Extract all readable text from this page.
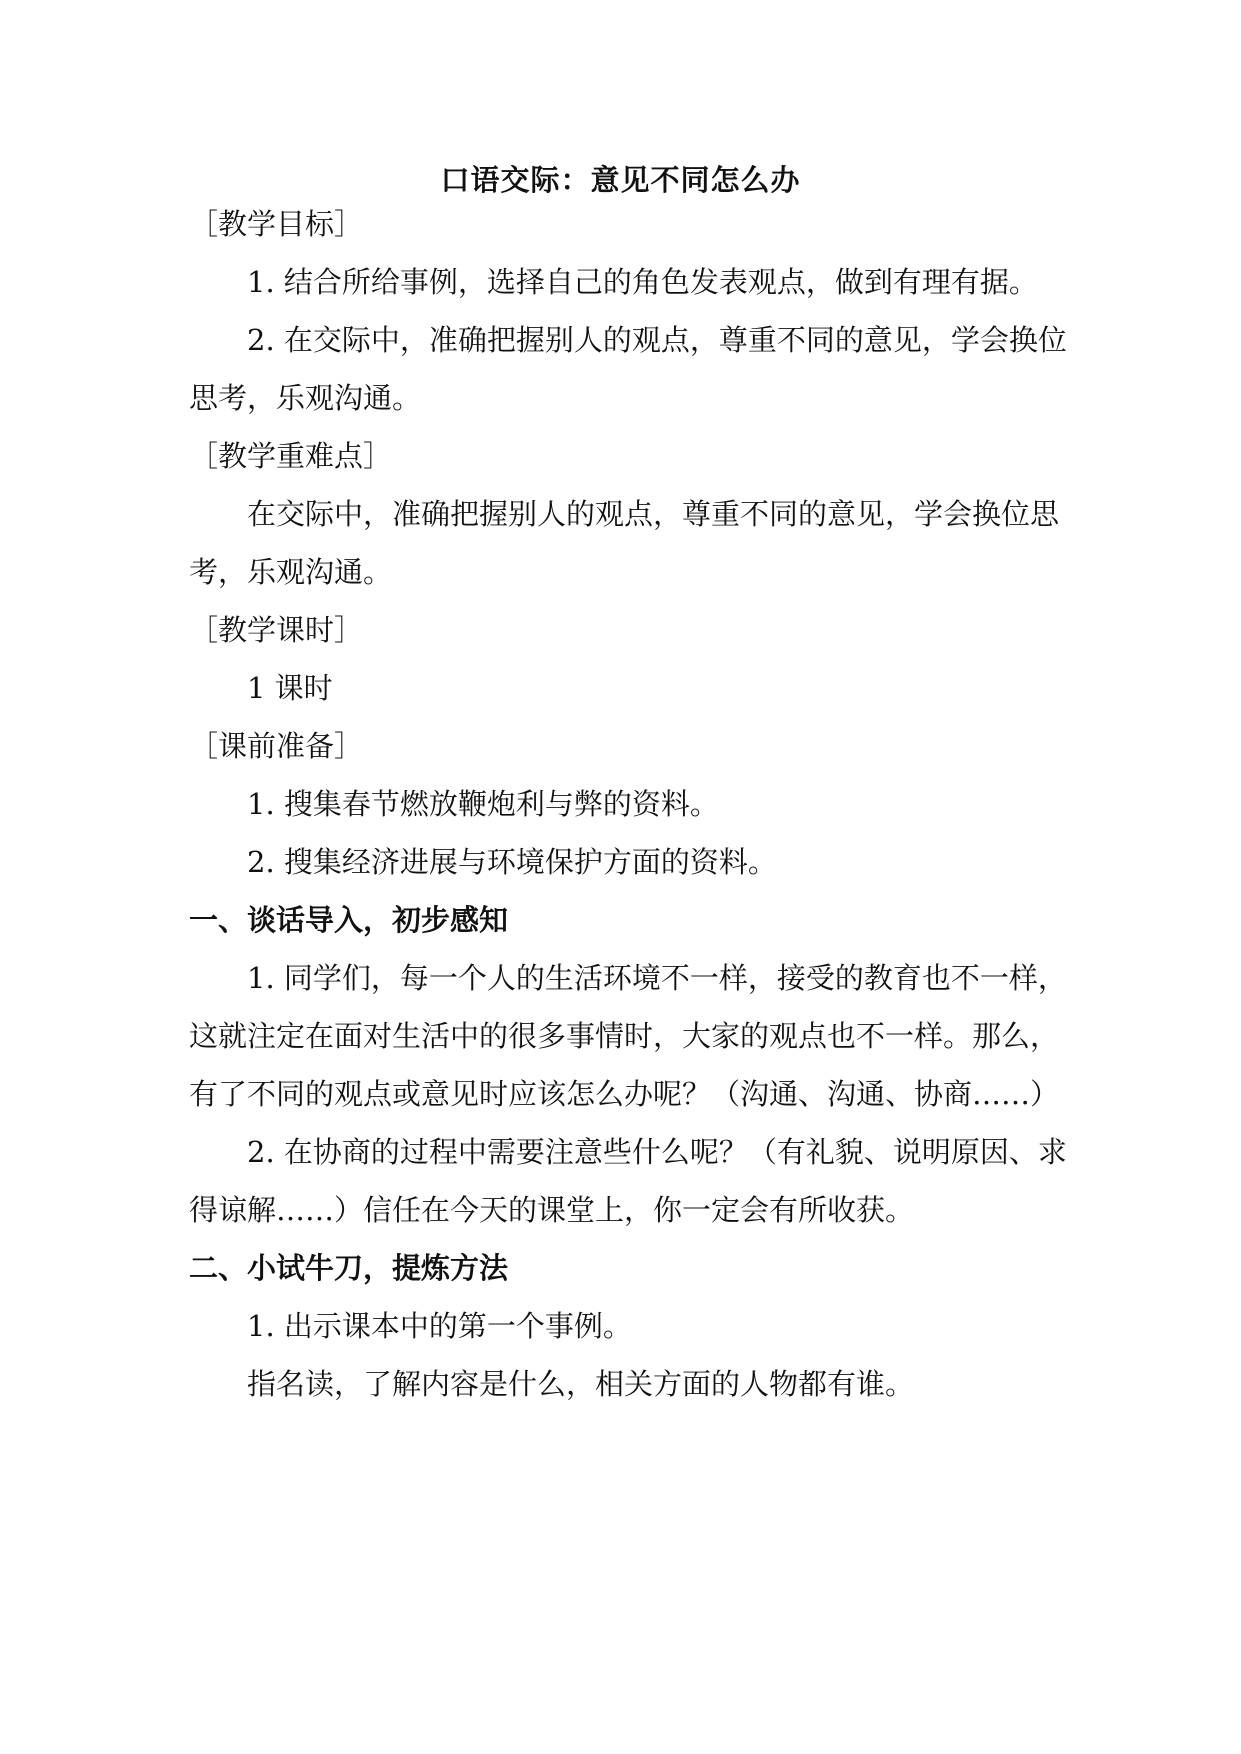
口语交际：意见不同怎么办
［教学目标］
1. 结合所给事例，选择自己的角色发表观点，做到有理有据。
2. 在交际中，准确把握别人的观点，尊重不同的意见，学会换位
思考，乐观沟通。
［教学重难点］
在交际中，准确把握别人的观点，尊重不同的意见，学会换位思
考，乐观沟通。
［教学课时］
1 课时
［课前准备］
1. 搜集春节燃放鞭炮利与弊的资料。
2. 搜集经济进展与环境保护方面的资料。
一、谈话导入，初步感知
1. 同学们，每一个人的生活环境不一样，接受的教育也不一样，
这就注定在面对生活中的很多事情时，大家的观点也不一样。那么，
有了不同的观点或意见时应该怎么办呢？（沟通、沟通、协商……）
2. 在协商的过程中需要注意些什么呢？（有礼貌、说明原因、求
得谅解……）信任在今天的课堂上，你一定会有所收获。
二、小试牛刀，提炼方法
1. 出示课本中的第一个事例。
指名读，了解内容是什么，相关方面的人物都有谁。
